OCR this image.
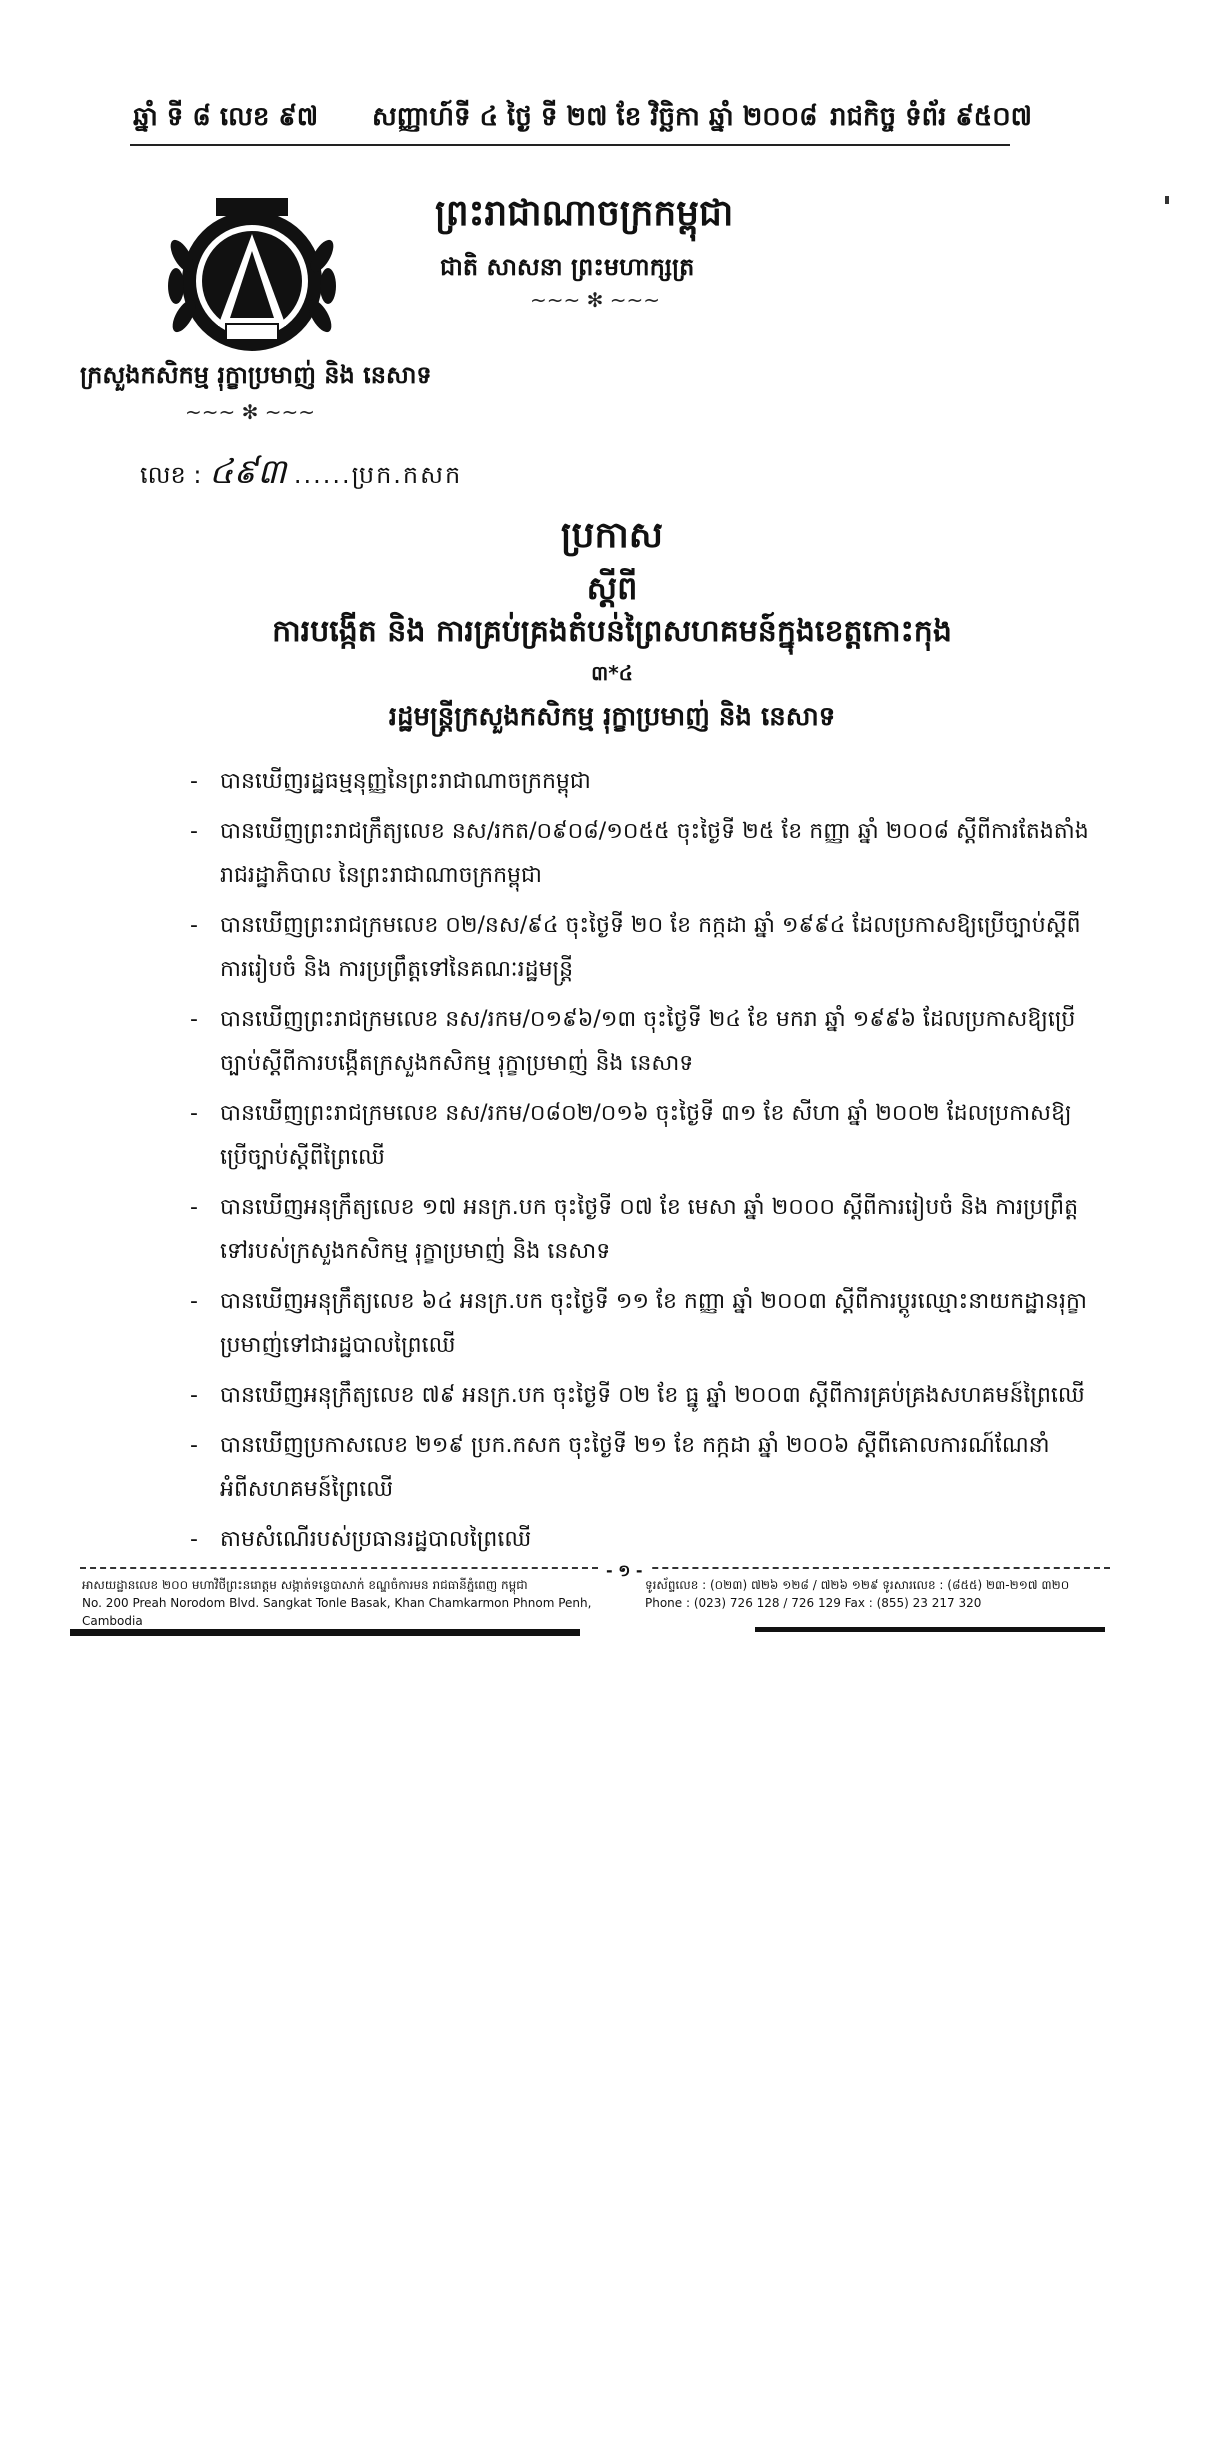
ឆ្នាំ ទី ៨ លេខ ៩៧ សញ្ញាហ៍ទី ៤ ថ្ងៃ ទី ២៧ ខែ វិច្ឆិកា ឆ្នាំ ២០០៨ រាជកិច្ច ទំព័រ ៩៥០៧
ក្រសួងកសិកម្ម រុក្ខាប្រមាញ់ និង នេសាទ
~~~ ✻ ~~~
ព្រះរាជាណាចក្រកម្ពុជា
ជាតិ សាសនា ព្រះមហាក្សត្រ
~~~ ✻ ~~~
លេខ : ៤៩៣ ......ប្រក.កសក
ប្រកាស
ស្តីពី
ការបង្កើត និង ការគ្រប់គ្រងតំបន់ព្រៃសហគមន៍ក្នុងខេត្តកោះកុង
៣*៤
រដ្ឋមន្ត្រីក្រសួងកសិកម្ម រុក្ខាប្រមាញ់ និង នេសាទ
- បានឃើញរដ្ឋធម្មនុញ្ញនៃព្រះរាជាណាចក្រកម្ពុជា
- បានឃើញព្រះរាជក្រឹត្យលេខ នស/រកត/០៩០៨/១០៥៥ ចុះថ្ងៃទី ២៥ ខែ កញ្ញា ឆ្នាំ ២០០៨ ស្តីពីការតែងតាំងរាជរដ្ឋាភិបាល នៃព្រះរាជាណាចក្រកម្ពុជា
- បានឃើញព្រះរាជក្រមលេខ ០២/នស/៩៤ ចុះថ្ងៃទី ២០ ខែ កក្កដា ឆ្នាំ ១៩៩៤ ដែលប្រកាសឱ្យប្រើច្បាប់ស្តីពីការរៀបចំ និង ការប្រព្រឹត្តទៅនៃគណៈរដ្ឋមន្ត្រី
- បានឃើញព្រះរាជក្រមលេខ នស/រកម/០១៩៦/១៣ ចុះថ្ងៃទី ២៤ ខែ មករា ឆ្នាំ ១៩៩៦ ដែលប្រកាសឱ្យប្រើច្បាប់ស្តីពីការបង្កើតក្រសួងកសិកម្ម រុក្ខាប្រមាញ់ និង នេសាទ
- បានឃើញព្រះរាជក្រមលេខ នស/រកម/០៨០២/០១៦ ចុះថ្ងៃទី ៣១ ខែ សីហា ឆ្នាំ ២០០២ ដែលប្រកាសឱ្យប្រើច្បាប់ស្តីពីព្រៃឈើ
- បានឃើញអនុក្រឹត្យលេខ ១៧ អនក្រ.បក ចុះថ្ងៃទី ០៧ ខែ មេសា ឆ្នាំ ២០០០ ស្តីពីការរៀបចំ និង ការប្រព្រឹត្តទៅរបស់ក្រសួងកសិកម្ម រុក្ខាប្រមាញ់ និង នេសាទ
- បានឃើញអនុក្រឹត្យលេខ ៦៤ អនក្រ.បក ចុះថ្ងៃទី ១១ ខែ កញ្ញា ឆ្នាំ ២០០៣ ស្តីពីការប្តូរឈ្មោះនាយកដ្ឋានរុក្ខាប្រមាញ់ទៅជារដ្ឋបាលព្រៃឈើ
- បានឃើញអនុក្រឹត្យលេខ ៧៩ អនក្រ.បក ចុះថ្ងៃទី ០២ ខែ ធ្នូ ឆ្នាំ ២០០៣ ស្តីពីការគ្រប់គ្រងសហគមន៍ព្រៃឈើ
- បានឃើញប្រកាសលេខ ២១៩ ប្រក.កសក ចុះថ្ងៃទី ២១ ខែ កក្កដា ឆ្នាំ ២០០៦ ស្តីពីគោលការណ៍ណែនាំអំពីសហគមន៍ព្រៃឈើ
- តាមសំណើរបស់ប្រធានរដ្ឋបាលព្រៃឈើ
- ១ -
អាសយដ្ឋានលេខ ២០០ មហាវិថីព្រះនរោត្តម សង្កាត់ទន្លេបាសាក់ ខណ្ឌចំការមន រាជធានីភ្នំពេញ កម្ពុជា
No. 200 Preah Norodom Blvd. Sangkat Tonle Basak, Khan Chamkarmon Phnom Penh, Cambodia
ទូរស័ព្ទលេខ : (០២៣) ៧២៦ ១២៨ / ៧២៦ ១២៩ ទូរសារលេខ : (៨៥៥) ២៣-២១៧ ៣២០
Phone : (023) 726 128 / 726 129 Fax : (855) 23 217 320
